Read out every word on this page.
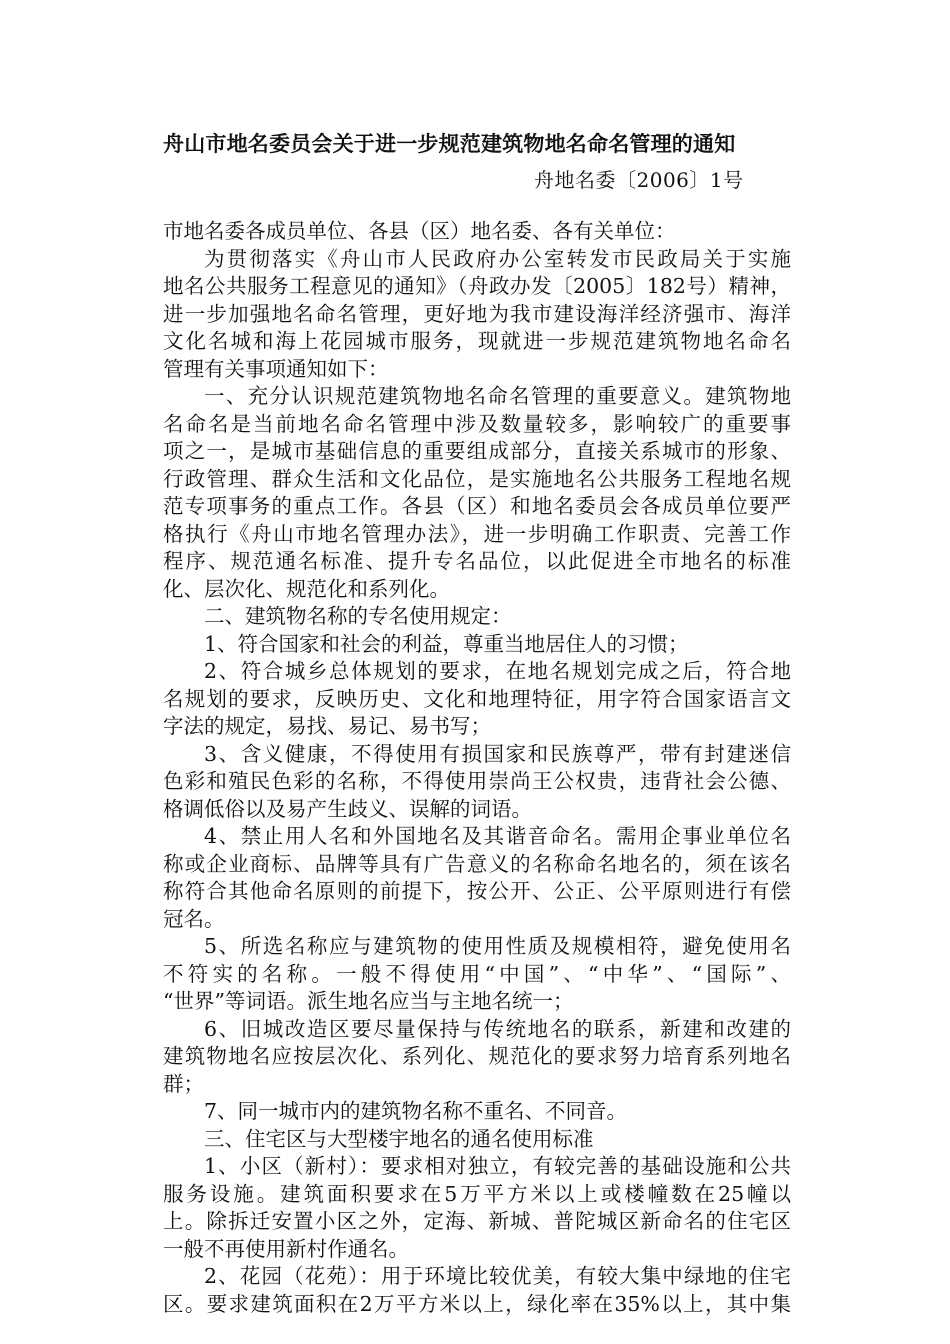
舟山市地名委员会关于进一步规范建筑物地名命名管理的通知
舟地名委〔2006〕1号
市地名委各成员单位、各县（区）地名委、各有关单位：
为贯彻落实《舟山市人民政府办公室转发市民政局关于实施
地名公共服务工程意见的通知》（舟政办发〔2005〕182号）精神，
进一步加强地名命名管理，更好地为我市建设海洋经济强市、海洋
文化名城和海上花园城市服务，现就进一步规范建筑物地名命名
管理有关事项通知如下：
一、充分认识规范建筑物地名命名管理的重要意义。建筑物地
名命名是当前地名命名管理中涉及数量较多，影响较广的重要事
项之一，是城市基础信息的重要组成部分，直接关系城市的形象、
行政管理、群众生活和文化品位，是实施地名公共服务工程地名规
范专项事务的重点工作。各县（区）和地名委员会各成员单位要严
格执行《舟山市地名管理办法》，进一步明确工作职责、完善工作
程序、规范通名标准、提升专名品位，以此促进全市地名的标准
化、层次化、规范化和系列化。
二、建筑物名称的专名使用规定：
1、符合国家和社会的利益，尊重当地居住人的习惯；
2、符合城乡总体规划的要求，在地名规划完成之后，符合地
名规划的要求，反映历史、文化和地理特征，用字符合国家语言文
字法的规定，易找、易记、易书写；
3、含义健康，不得使用有损国家和民族尊严，带有封建迷信
色彩和殖民色彩的名称，不得使用崇尚王公权贵，违背社会公德、
格调低俗以及易产生歧义、误解的词语。
4、禁止用人名和外国地名及其谐音命名。需用企事业单位名
称或企业商标、品牌等具有广告意义的名称命名地名的，须在该名
称符合其他命名原则的前提下，按公开、公正、公平原则进行有偿
冠名。
5、所选名称应与建筑物的使用性质及规模相符，避免使用名
不符实的名称。一般不得使用“中国”、“中华”、“国际”、
“世界”等词语。派生地名应当与主地名统一；
6、旧城改造区要尽量保持与传统地名的联系，新建和改建的
建筑物地名应按层次化、系列化、规范化的要求努力培育系列地名
群；
7、同一城市内的建筑物名称不重名、不同音。
三、住宅区与大型楼宇地名的通名使用标准
1、小区（新村）：要求相对独立，有较完善的基础设施和公共
服务设施。建筑面积要求在5万平方米以上或楼幢数在25幢以
上。除拆迁安置小区之外，定海、新城、普陀城区新命名的住宅区
一般不再使用新村作通名。
2、花园（花苑）：用于环境比较优美，有较大集中绿地的住宅
区。要求建筑面积在2万平方米以上，绿化率在35%以上，其中集
